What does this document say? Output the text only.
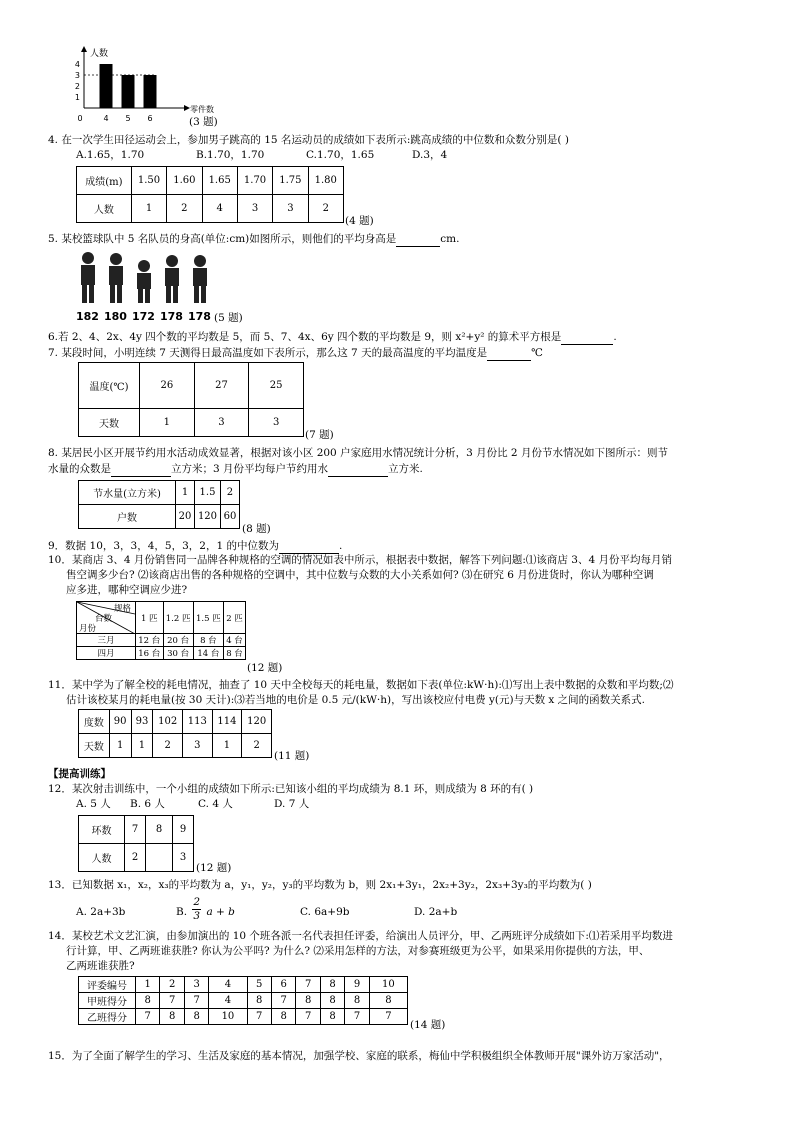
人数
零件数
0
1
2
3
4
4 5 6	(3 题)
4. 在一次学生田径运动会上，参加男子跳高的 15 名运动员的成绩如下表所示:跳高成绩的中位数和众数分别是( )
A.1.65，1.70	B.1.70，1.70	C.1.70，1.65	D.3，4
成绩(m)	1.50	1.60	1.65	1.70	1.75	1.80
人数	1	2	4	3	3	2
(4 题)
5. 某校篮球队中 5 名队员的身高(单位:cm)如图所示，则他们的平均身高是	cm.
182 180 172 178 178 (5 题)
6.若 2、4、2x、4y 四个数的平均数是 5，而 5、7、4x、6y 四个数的平均数是 9，则 x²+y² 的算术平方根是	.
7. 某段时间，小明连续 7 天测得日最高温度如下表所示，那么这 7 天的最高温度的平均温度是	℃
温度(℃)	26	27	25
天数	1	3	3
(7 题)
8. 某居民小区开展节约用水活动成效显著，根据对该小区 200 户家庭用水情况统计分析，3 月份比 2 月份节水情况如下图所示：则节
水量的众数是	立方米；3 月份平均每户节约用水	立方米.
节水量(立方米)	1	1.5	2
户数	20	120	60
(8 题)
9．数据 10，3，3，4，5，3，2，1 的中位数为	.
10．某商店 3、4 月份销售同一品牌各种规格的空调的情况如表中所示，根据表中数据，解答下列问题:⑴该商店 3、4 月份平均每月销
售空调多少台? ⑵该商店出售的各种规格的空调中，其中位数与众数的大小关系如何? ⑶在研究 6 月份进货时，你认为哪种空调
应多进，哪种空调应少进?
规格
台数
月份	1 匹	1.2 匹	1.5 匹	2 匹
三月	12 台	20 台	8 台	4 台
四月	16 台	30 台	14 台	8 台
(12 题)
11．某中学为了解全校的耗电情况，抽查了 10 天中全校每天的耗电量，数据如下表(单位:kW·h):⑴写出上表中数据的众数和平均数;⑵
估计该校某月的耗电量(按 30 天计):⑶若当地的电价是 0.5 元/(kW·h)，写出该校应付电费 y(元)与天数 x 之间的函数关系式.
度数	90	93	102	113	114	120
天数	1	1	2	3	1	2
(11 题)
【提高训练】
12．某次射击训练中，一个小组的成绩如下所示:已知该小组的平均成绩为 8.1 环，则成绩为 8 环的有( )
A. 5 人 B. 6 人	C. 4 人	D. 7 人
环数	7	8	9
人数	2		3
(12 题)
13．已知数据 x₁，x₂，x₃的平均数为 a，y₁，y₂，y₃的平均数为 b，则 2x₁+3y₁，2x₂+3y₂，2x₃+3y₃的平均数为( )
A. 2a+3b	B. $\frac{2}{3}$ a + b	C. 6a+9b	D. 2a+b
14．某校艺术文艺汇演，由参加演出的 10 个班各派一名代表担任评委，给演出人员评分，甲、乙两班评分成绩如下:⑴若采用平均数进
行计算，甲、乙两班谁获胜? 你认为公平吗? 为什么? ⑵采用怎样的方法，对参赛班级更为公平，如果采用你提供的方法，甲、
乙两班谁获胜?
评委编号	1	2	3	4	5	6	7	8	9	10
甲班得分	8	7	7	4	8	7	8	8	8	8
乙班得分	7	8	8	10	7	8	7	8	7	7
(14 题)
15．为了全面了解学生的学习、生活及家庭的基本情况，加强学校、家庭的联系，梅仙中学积极组织全体教师开展"课外访万家活动"，
